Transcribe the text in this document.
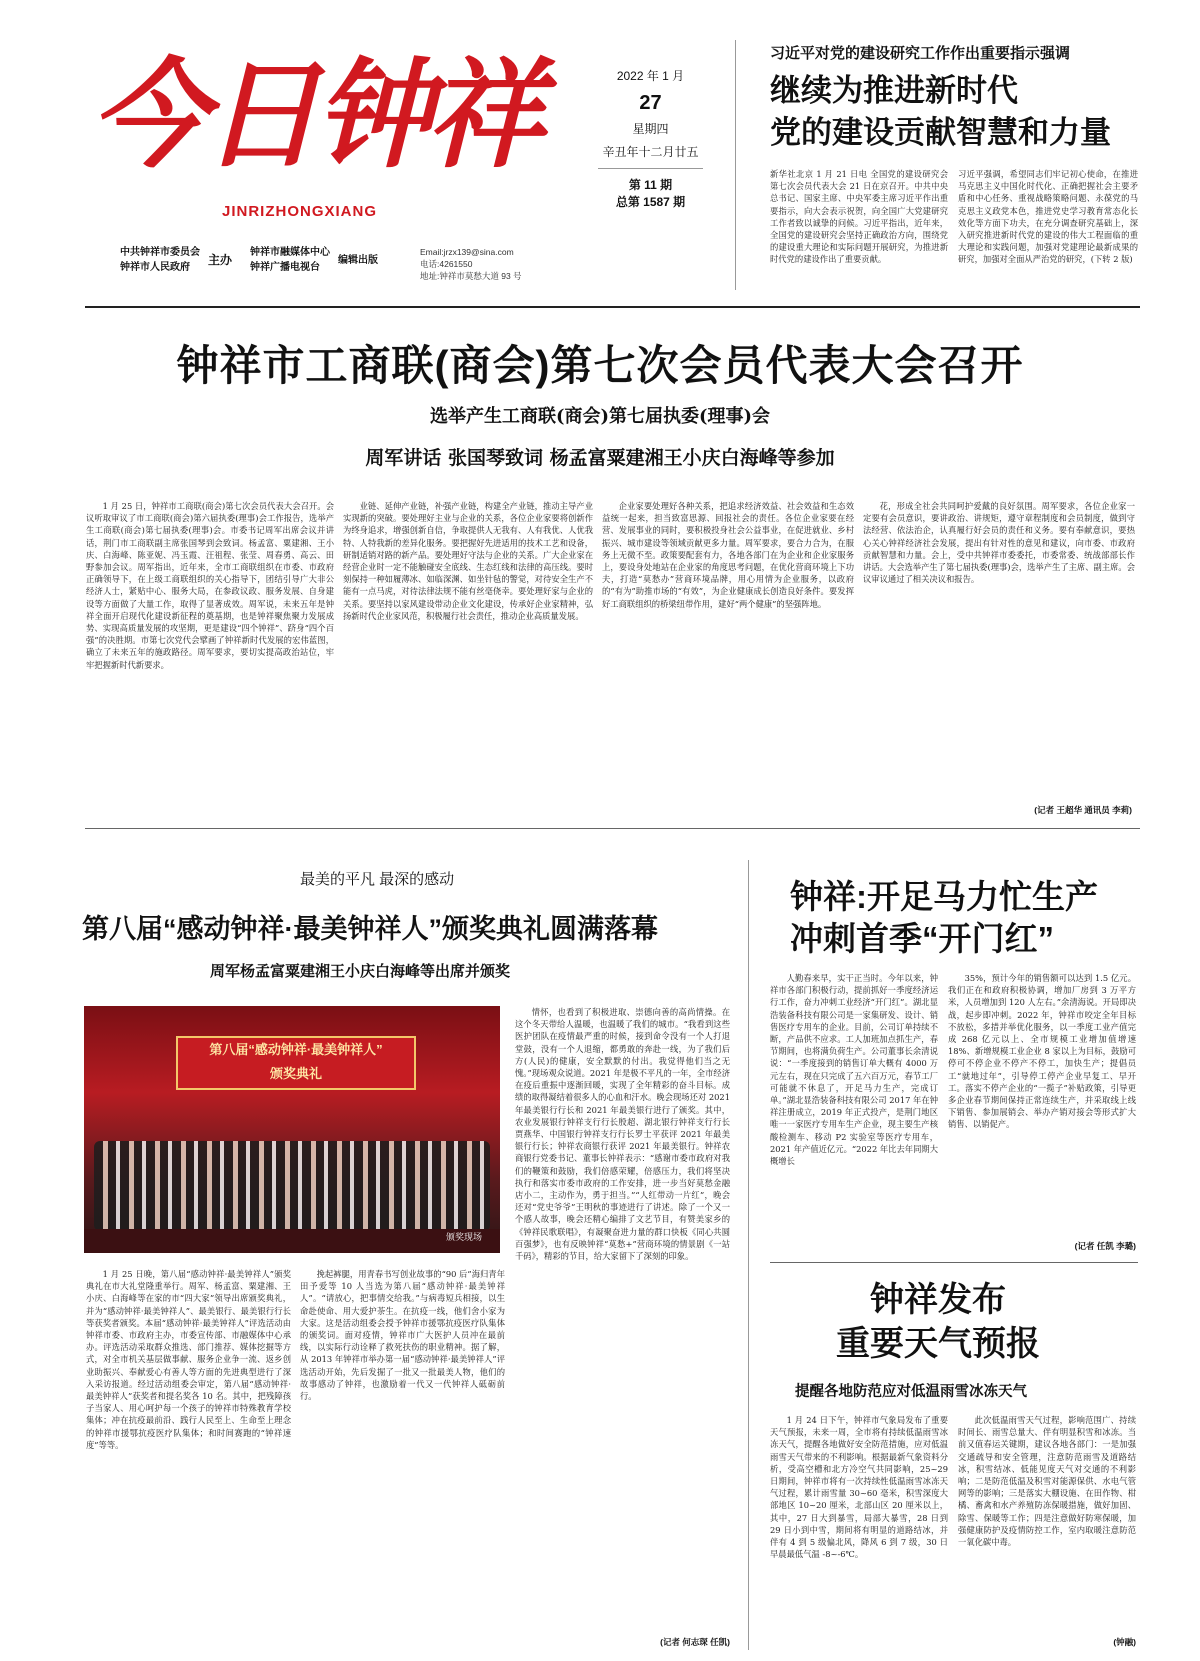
今日钟祥
JINRIZHONGXIANG
2022 年 1 月
27
星期四
辛丑年十二月廿五
第 11 期
总第 1587 期
中共钟祥市委员会
钟祥市人民政府
主办 钟祥市融媒体中心
钟祥广播电视台
编辑出版
Email:jrzx139@sina.com
电话:4261550
地址:钟祥市莫愁大道 93 号
习近平对党的建设研究工作作出重要指示强调
继续为推进新时代
党的建设贡献智慧和力量
新华社北京 1 月 21 日电 全国党的建设研究会第七次会员代表大会 21 日在京召开。中共中央总书记、国家主席、中央军委主席习近平作出重要指示，向大会表示祝贺，向全国广大党建研究工作者致以诚挚的问候。习近平指出，近年来，全国党的建设研究会坚持正确政治方向，围绕党的建设重大理论和实际问题开展研究，为推进新时代党的建设作出了重要贡献。
习近平强调，希望同志们牢记初心使命，在推进马克思主义中国化时代化、正确把握社会主要矛盾和中心任务、重视战略策略问题、永葆党的马克思主义政党本色，推进党史学习教育常态化长效化等方面下功夫，在充分调查研究基础上，深入研究推进新时代党的建设的伟大工程面临的重大理论和实践问题，加强对党建理论最新成果的研究，加强对全面从严治党的研究，(下转 2 版)
钟祥市工商联(商会)第七次会员代表大会召开
选举产生工商联(商会)第七届执委(理事)会
周军讲话 张国琴致词 杨孟富粟建湘王小庆白海峰等参加
1 月 25 日，钟祥市工商联(商会)第七次会员代表大会召开。会议听取审议了市工商联(商会)第六届执委(理事)会工作报告，选举产生工商联(商会)第七届执委(理事)会。市委书记周军出席会议并讲话，荆门市工商联副主席张国琴到会致词。杨孟富、粟建湘、王小庆、白海峰、陈亚妮、冯玉霞、汪祖程、张莹、周春勇、高云、田野参加会议。周军指出，近年来，全市工商联组织在市委、市政府正确领导下，在上级工商联组织的关心指导下，团结引导广大非公经济人士，紧贴中心、服务大局，在参政议政、服务发展、自身建设等方面做了大量工作，取得了显著成效。周军说，未来五年是钟祥全面开启现代化建设新征程的奠基期，也是钟祥聚焦聚力发展成势、实现高质量发展的攻坚期，更是建设“四个钟祥”、跻身“四个百强”的决胜期。市第七次党代会擘画了钟祥新时代发展的宏伟蓝图，确立了未来五年的施政路径。周军要求，要切实提高政治站位，牢牢把握新时代新要求。
业链、延伸产业链，补强产业链，构建全产业链，推动主导产业实现新的突破。要处理好主业与企业的关系，各位企业家要将创新作为终身追求，增强创新自信，争取提供人无我有、人有我优、人优我特、人特我新的差异化服务。要把握好先进适用的技术工艺和设备，研制适销对路的新产品。要处理好守法与企业的关系。广大企业家在经营企业时一定不能触碰安全底线、生态红线和法律的高压线。要时刻保持一种如履薄冰、如临深渊、如坐针毡的警觉，对待安全生产不能有一点马虎，对待法律法规不能有丝毫侥幸。要处理好家与企业的关系。要坚持以家风建设带动企业文化建设，传承好企业家精神，弘扬新时代企业家风范，积极履行社会责任，推动企业高质量发展。
企业家要处理好各种关系，把追求经济效益、社会效益和生态效益统一起来，担当致富思源、回报社会的责任。各位企业家要在经营、发展事业的同时，要积极投身社会公益事业，在促进就业、乡村振兴、城市建设等领域贡献更多力量。周军要求，要合力合为，在服务上无微不至。政策要配套有力，各地各部门在为企业和企业家服务上，要设身处地站在企业家的角度思考问题，在优化营商环境上下功夫，打造“莫愁办”营商环境品牌，用心用情为企业服务，以政府的“有为”助推市场的“有效”，为企业健康成长创造良好条件。要发挥好工商联组织的桥梁纽带作用，建好“两个健康”的坚强阵地。
花，形成全社会共同呵护爱戴的良好氛围。周军要求，各位企业家一定要有会员意识，要讲政治、讲规矩，遵守章程制度和会员制度，做到守法经营、依法治企，认真履行好会员的责任和义务。要有奉献意识，要热心关心钟祥经济社会发展，提出有针对性的意见和建议，向市委、市政府贡献智慧和力量。会上，受中共钟祥市委委托，市委常委、统战部部长作讲话。大会选举产生了第七届执委(理事)会，选举产生了主席、副主席。会议审议通过了相关决议和报告。
(记者 王超华 通讯员 李莉)
最美的平凡 最深的感动
第八届“感动钟祥·最美钟祥人”颁奖典礼圆满落幕
周军杨孟富粟建湘王小庆白海峰等出席并颁奖
第八届“感动钟祥·最美钟祥人”
颁奖典礼
颁奖现场
1 月 25 日晚，第八届“感动钟祥·最美钟祥人”颁奖典礼在市大礼堂隆重举行。周军、杨孟富、粟建湘、王小庆、白海峰等在家的市“四大家”领导出席颁奖典礼，并为“感动钟祥·最美钟祥人”、最美银行、最美银行行长等获奖者颁奖。本届“感动钟祥·最美钟祥人”评选活动由钟祥市委、市政府主办，市委宣传部、市融媒体中心承办。评选活动采取群众推选、部门推荐、媒体挖掘等方式，对全市机关基层做事献、服务企业争一流、返乡创业助振兴、奉献爱心有善人等方面的先进典型进行了深入采访报道。经过活动组委会审定，第八届“感动钟祥·最美钟祥人”获奖者和提名奖各 10 名。其中，把残障孩子当家人、用心呵护每一个孩子的钟祥市特殊教育学校集体；冲在抗疫最前沿、践行人民至上、生命至上理念的钟祥市援鄂抗疫医疗队集体；和时间赛跑的“钟祥速度”等等。
挽起裤腿，用青春书写创业故事的“90 后”海归青年田予爱等 10 人当选为第八届“感动钟祥·最美钟祥人”。“请放心，把事情交给我。”与病毒短兵相接，以生命赴使命、用大爱护荼生。在抗疫一线，他们舍小家为大家。这是活动组委会授予钟祥市援鄂抗疫医疗队集体的颁奖词。面对疫情，钟祥市广大医护人员冲在最前线，以实际行动诠释了救死扶伤的职业精神。据了解，从 2013 年钟祥市举办第一届“感动钟祥·最美钟祥人”评选活动开始，先后发掘了一批又一批最美人物，他们的故事感动了钟祥，也激励着一代又一代钟祥人砥砺前行。
情怀，也看到了积极进取、崇德向善的高尚情操。在这个冬天带给人温暖，也温暖了我们的城市。“我看到这些医护团队在疫情最严重的时候，接到命令没有一个人打退堂鼓，没有一个人退缩，都勇敢的奔赴一线，为了我们后方(人民)的健康，安全默默的付出。我觉得他们当之无愧。”现场观众说道。2021 年是极不平凡的一年，全市经济在疫后重振中逐渐回暖，实现了全年精彩的奋斗目标。成绩的取得凝结着很多人的心血和汗水。晚会现场还对 2021 年最美银行行长和 2021 年最美银行进行了颁奖。其中，农业发展银行钟祥支行行长殷超、湖北银行钟祥支行行长贾燕华、中国银行钟祥支行行长罗士平获评 2021 年最美银行行长；钟祥农商银行获评 2021 年最美银行。钟祥农商银行党委书记、董事长钟祥表示：“感谢市委市政府对我们的鞭策和鼓励，我们倍感荣耀，倍感压力，我们将坚决执行和落实市委市政府的工作安排，进一步当好莫愁金融店小二，主动作为，勇于担当。”“人红带动一片红”，晚会还对“党史爷爷”王明秋的事迹进行了讲述。除了一个又一个感人故事，晚会还精心编排了文艺节目，有赞美家乡的《钟祥民歌联唱》，有凝聚奋进力量的群口快板《同心共圆百强梦》，也有反映钟祥“莫愁+”营商环境的情景剧《一站千码》，精彩的节目，给大家留下了深刻的印象。
(记者 何志琛 任凯)
钟祥:开足马力忙生产
冲刺首季“开门红”
人勤春来早，实干正当时。今年以来，钟祥市各部门积极行动，提前抓好一季度经济运行工作，奋力冲刺工业经济“开门红”。湖北显浩装备科技有限公司是一家集研发、设计、销售医疗专用车的企业。目前，公司订单持续不断，产品供不应求。工人加班加点抓生产，春节期间，也将满负荷生产。公司董事长余清说说：“一季度接到的销售订单大概有 4000 万元左右，现在只完成了五六百万元，春节工厂可能就不休息了，开足马力生产，完成订单。”湖北显浩装备科技有限公司 2017 年在钟祥注册成立，2019 年正式投产，是荆门地区唯一一家医疗专用车生产企业，现主要生产核酸检测车、移动 P2 实验室等医疗专用车，2021 年产值近亿元。“2022 年比去年同期大概增长
35%，预计今年的销售额可以达到 1.5 亿元。我们正在和政府积极协调，增加厂房到 3 万平方米，人员增加到 120 人左右。”余清海说。开局即决战，起步即冲刺。2022 年，钟祥市咬定全年目标不放松，多措并举优化服务，以一季度工业产值完成 268 亿元以上、全市规模工业增加值增速 18%、新增规模工业企业 8 家以上为目标，鼓励可停可不停企业不停产不停工，加快生产；提倡员工“就地过年”，引导停工停产企业早复工、早开工。落实不停产企业的“一揽子”补贴政策，引导更多企业春节期间保持正常连续生产，并采取线上线下销售、参加展销会、举办产销对接会等形式扩大销售、以销促产。
(记者 任凯 李璐)
钟祥发布
重要天气预报
提醒各地防范应对低温雨雪冰冻天气
1 月 24 日下午，钟祥市气象局发布了重要天气预报，未来一周，全市将有持续低温雨雪冰冻天气，提醒各地做好安全防范措施，应对低温雨雪天气带来的不利影响。根据最新气象资料分析，受高空槽和北方冷空气共同影响，25~29 日期间，钟祥市将有一次持续性低温雨雪冰冻天气过程，累计雨雪量 30~60 毫米，积雪深度大部地区 10~20 厘米，北部山区 20 厘米以上，其中，27 日大到暴雪，局部大暴雪，28 日到 29 日小到中雪，期间将有明显的道路结冰，并伴有 4 到 5 级偏北风，降风 6 到 7 级，30 日早晨最低气温 -8~-6℃。
此次低温雨雪天气过程，影响范围广、持续时间长、雨雪总量大、伴有明显积雪和冰冻。当前又值春运关键期，建议各地各部门：一是加强交通疏导和安全管理，注意防范雨雪及道路结冰，积雪结冰、低能见度天气对交通的不利影响；二是防范低温及积雪对能源保供、水电气管网等的影响；三是落实大棚设施、在田作物、柑橘、畜禽和水产养殖防冻保暖措施，做好加固、除雪、保暖等工作；四是注意做好防寒保暖，加强健康防护及疫情防控工作，室内取暖注意防范一氧化碳中毒。
(钟融)
